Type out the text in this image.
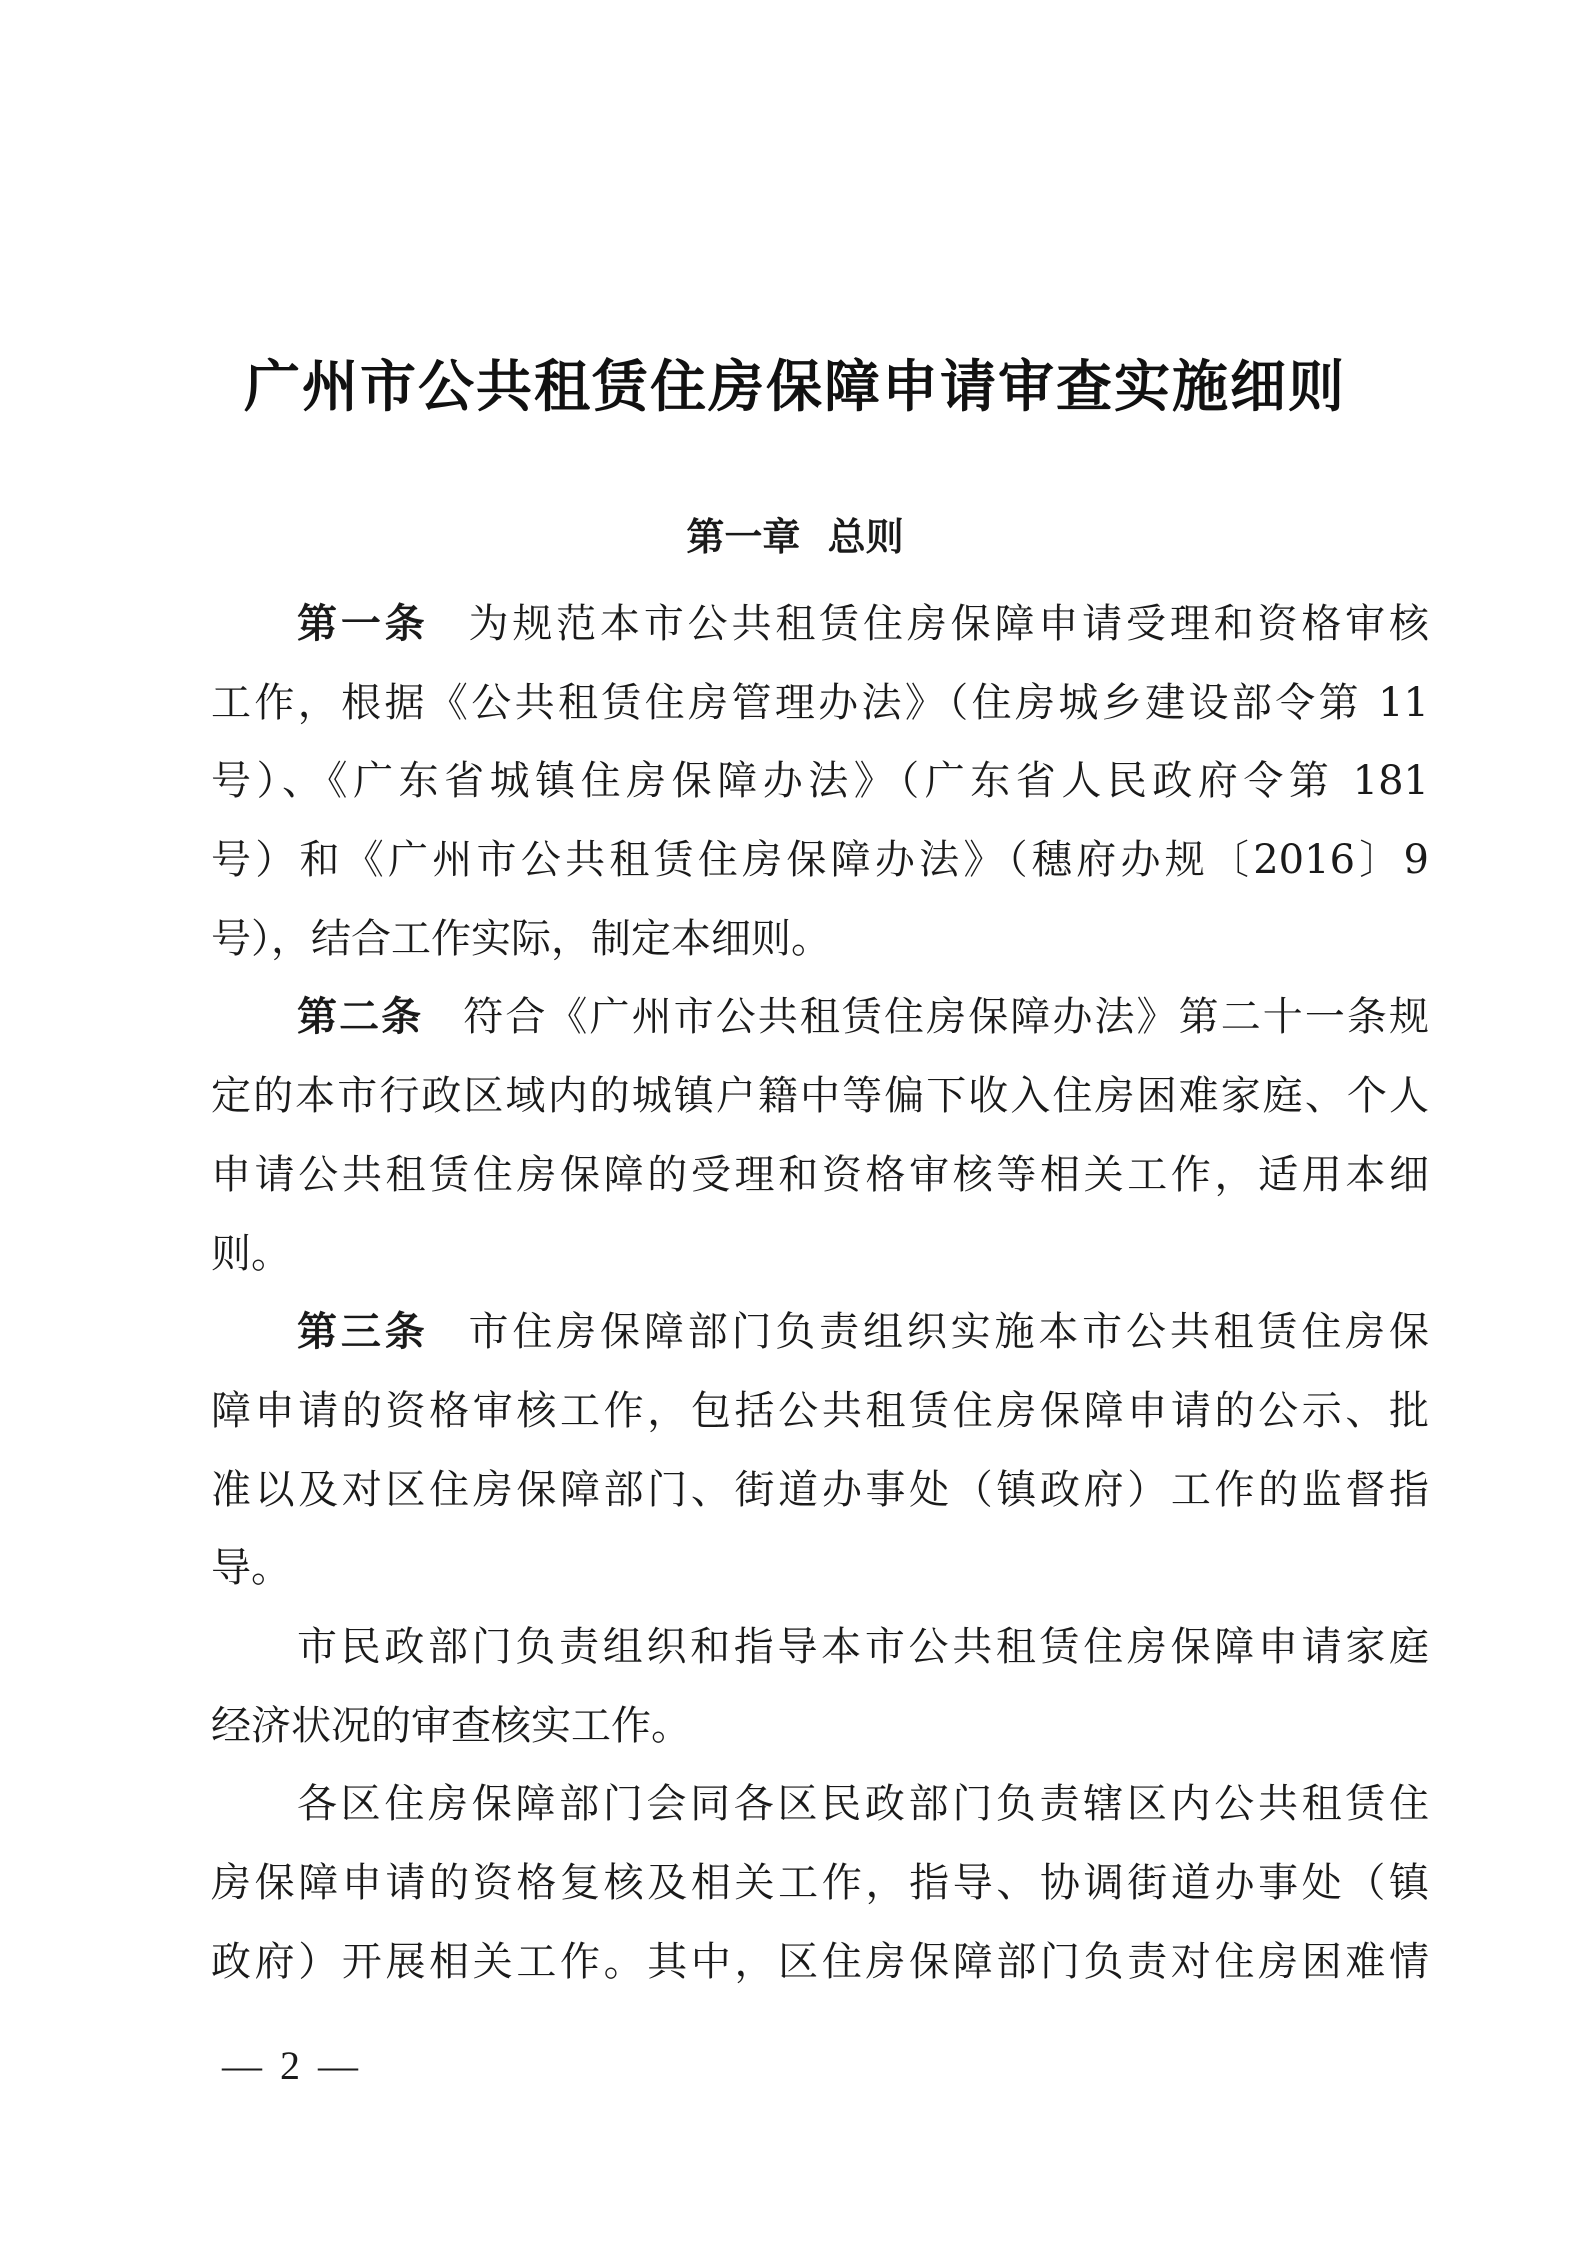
广州市公共租赁住房保障申请审查实施细则
第一章 总则
第一条 为规范本市公共租赁住房保障申请受理和资格审核
工作，根据《公共租赁住房管理办法》（住房城乡建设部令第 11
号）、《广东省城镇住房保障办法》（广东省人民政府令第 181
号）和《广州市公共租赁住房保障办法》（穗府办规〔2016〕9
号），结合工作实际，制定本细则。
第二条 符合《广州市公共租赁住房保障办法》第二十一条规
定的本市行政区域内的城镇户籍中等偏下收入住房困难家庭、个人
申请公共租赁住房保障的受理和资格审核等相关工作，适用本细
则。
第三条 市住房保障部门负责组织实施本市公共租赁住房保
障申请的资格审核工作，包括公共租赁住房保障申请的公示、批
准以及对区住房保障部门、街道办事处（镇政府）工作的监督指
导。
市民政部门负责组织和指导本市公共租赁住房保障申请家庭
经济状况的审查核实工作。
各区住房保障部门会同各区民政部门负责辖区内公共租赁住
房保障申请的资格复核及相关工作，指导、协调街道办事处（镇
政府）开展相关工作。其中，区住房保障部门负责对住房困难情
— 2 —
